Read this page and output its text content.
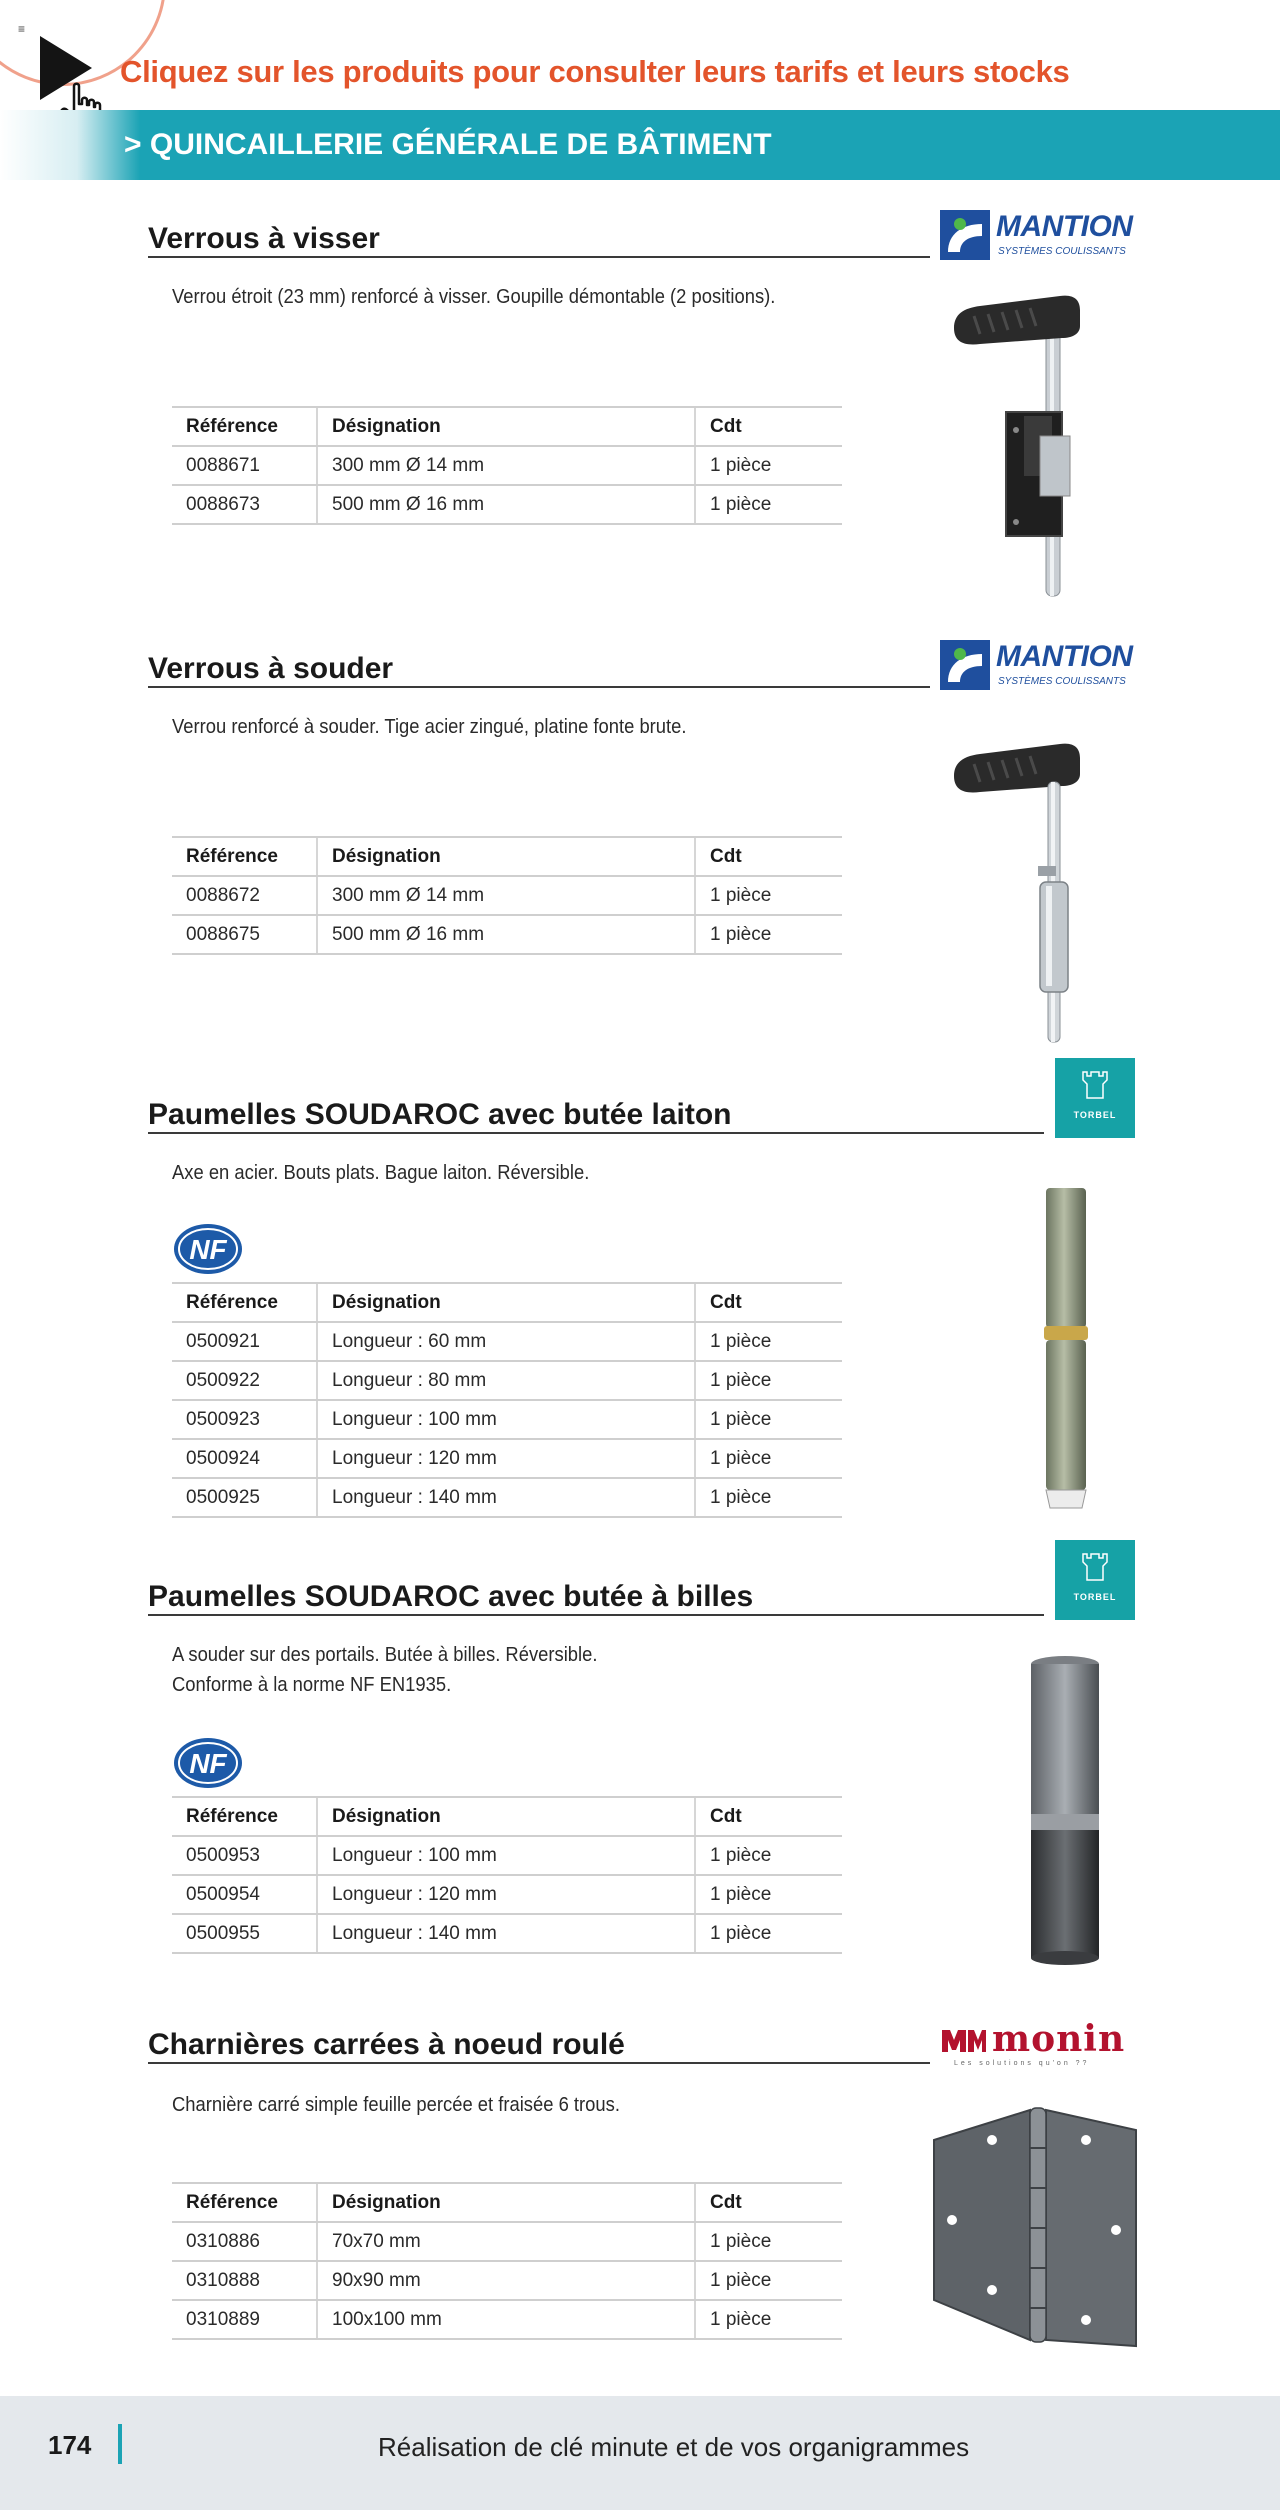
≡
Cliquez sur les produits pour consulter leurs tarifs et leurs stocks
> QUINCAILLERIE GÉNÉRALE DE BÂTIMENT
Verrous à visser	MANTION
SYSTÈMES COULISSANTS
Verrou étroit (23 mm) renforcé à visser. Goupille démontable (2 positions).
Référence	Désignation	Cdt
0088671	300 mm Ø 14 mm	1 pièce
0088673	500 mm Ø 16 mm	1 pièce
Verrous à souder	MANTION
SYSTÈMES COULISSANTS
Verrou renforcé à souder. Tige acier zingué, platine fonte brute.
Référence	Désignation	Cdt
0088672	300 mm Ø 14 mm	1 pièce
0088675	500 mm Ø 16 mm	1 pièce
Paumelles SOUDAROC avec butée laiton	TORBEL
Axe en acier. Bouts plats. Bague laiton. Réversible.
NF
Référence	Désignation	Cdt
0500921	Longueur : 60 mm	1 pièce
0500922	Longueur : 80 mm	1 pièce
0500923	Longueur : 100 mm	1 pièce
0500924	Longueur : 120 mm	1 pièce
0500925	Longueur : 140 mm	1 pièce
Paumelles SOUDAROC avec butée à billes	TORBEL
A souder sur des portails. Butée à billes. Réversible.
Conforme à la norme NF EN1935.
NF
Référence	Désignation	Cdt
0500953	Longueur : 100 mm	1 pièce
0500954	Longueur : 120 mm	1 pièce
0500955	Longueur : 140 mm	1 pièce
Charnières carrées à noeud roulé	monin
Les solutions qu'on ??
Charnière carré simple feuille percée et fraisée 6 trous.
Référence	Désignation	Cdt
0310886	70x70 mm	1 pièce
0310888	90x90 mm	1 pièce
0310889	100x100 mm	1 pièce
174	Réalisation de clé minute et de vos organigrammes
